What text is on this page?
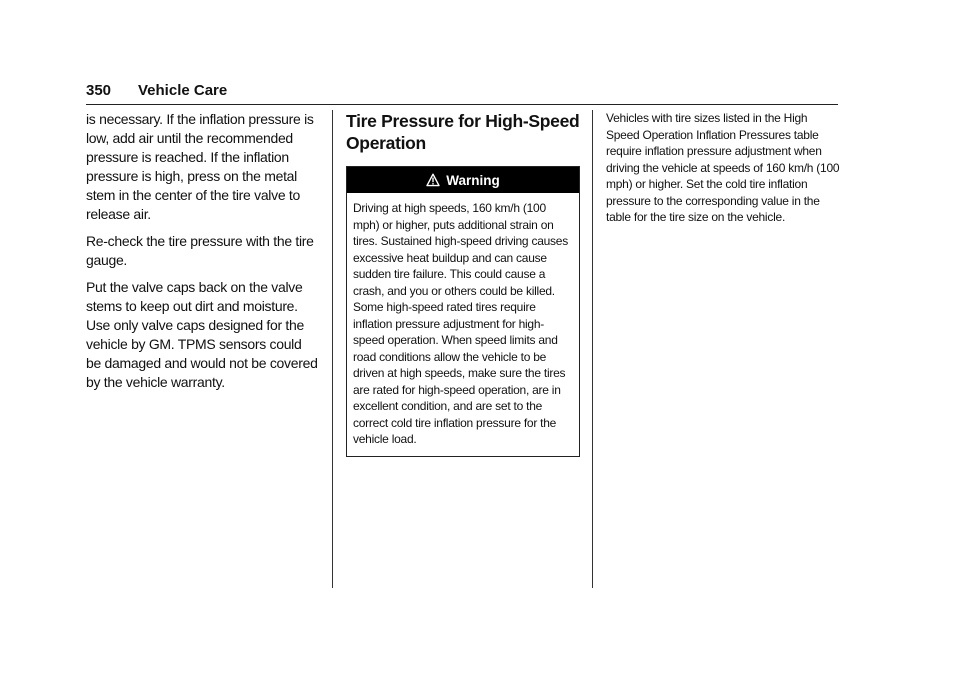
350 Vehicle Care

is necessary. If the inflation pressure is low, add air until the recommended pressure is reached. If the inflation pressure is high, press on the metal stem in the center of the tire valve to release air.

Re-check the tire pressure with the tire gauge.

Put the valve caps back on the valve stems to keep out dirt and moisture. Use only valve caps designed for the vehicle by GM. TPMS sensors could be damaged and would not be covered by the vehicle warranty.

Tire Pressure for High-Speed Operation
Warning

Driving at high speeds, 160 km/h (100 mph) or higher, puts additional strain on tires. Sustained high-speed driving causes excessive heat buildup and can cause sudden tire failure. This could cause a crash, and you or others could be killed. Some high-speed rated tires require inflation pressure adjustment for high-speed operation. When speed limits and road conditions allow the vehicle to be driven at high speeds, make sure the tires are rated for high-speed operation, are in excellent condition, and are set to the correct cold tire inflation pressure for the vehicle load.

Vehicles with tire sizes listed in the High Speed Operation Inflation Pressures table require inflation pressure adjustment when driving the vehicle at speeds of 160 km/h (100 mph) or higher. Set the cold tire inflation pressure to the corresponding value in the table for the tire size on the vehicle.
